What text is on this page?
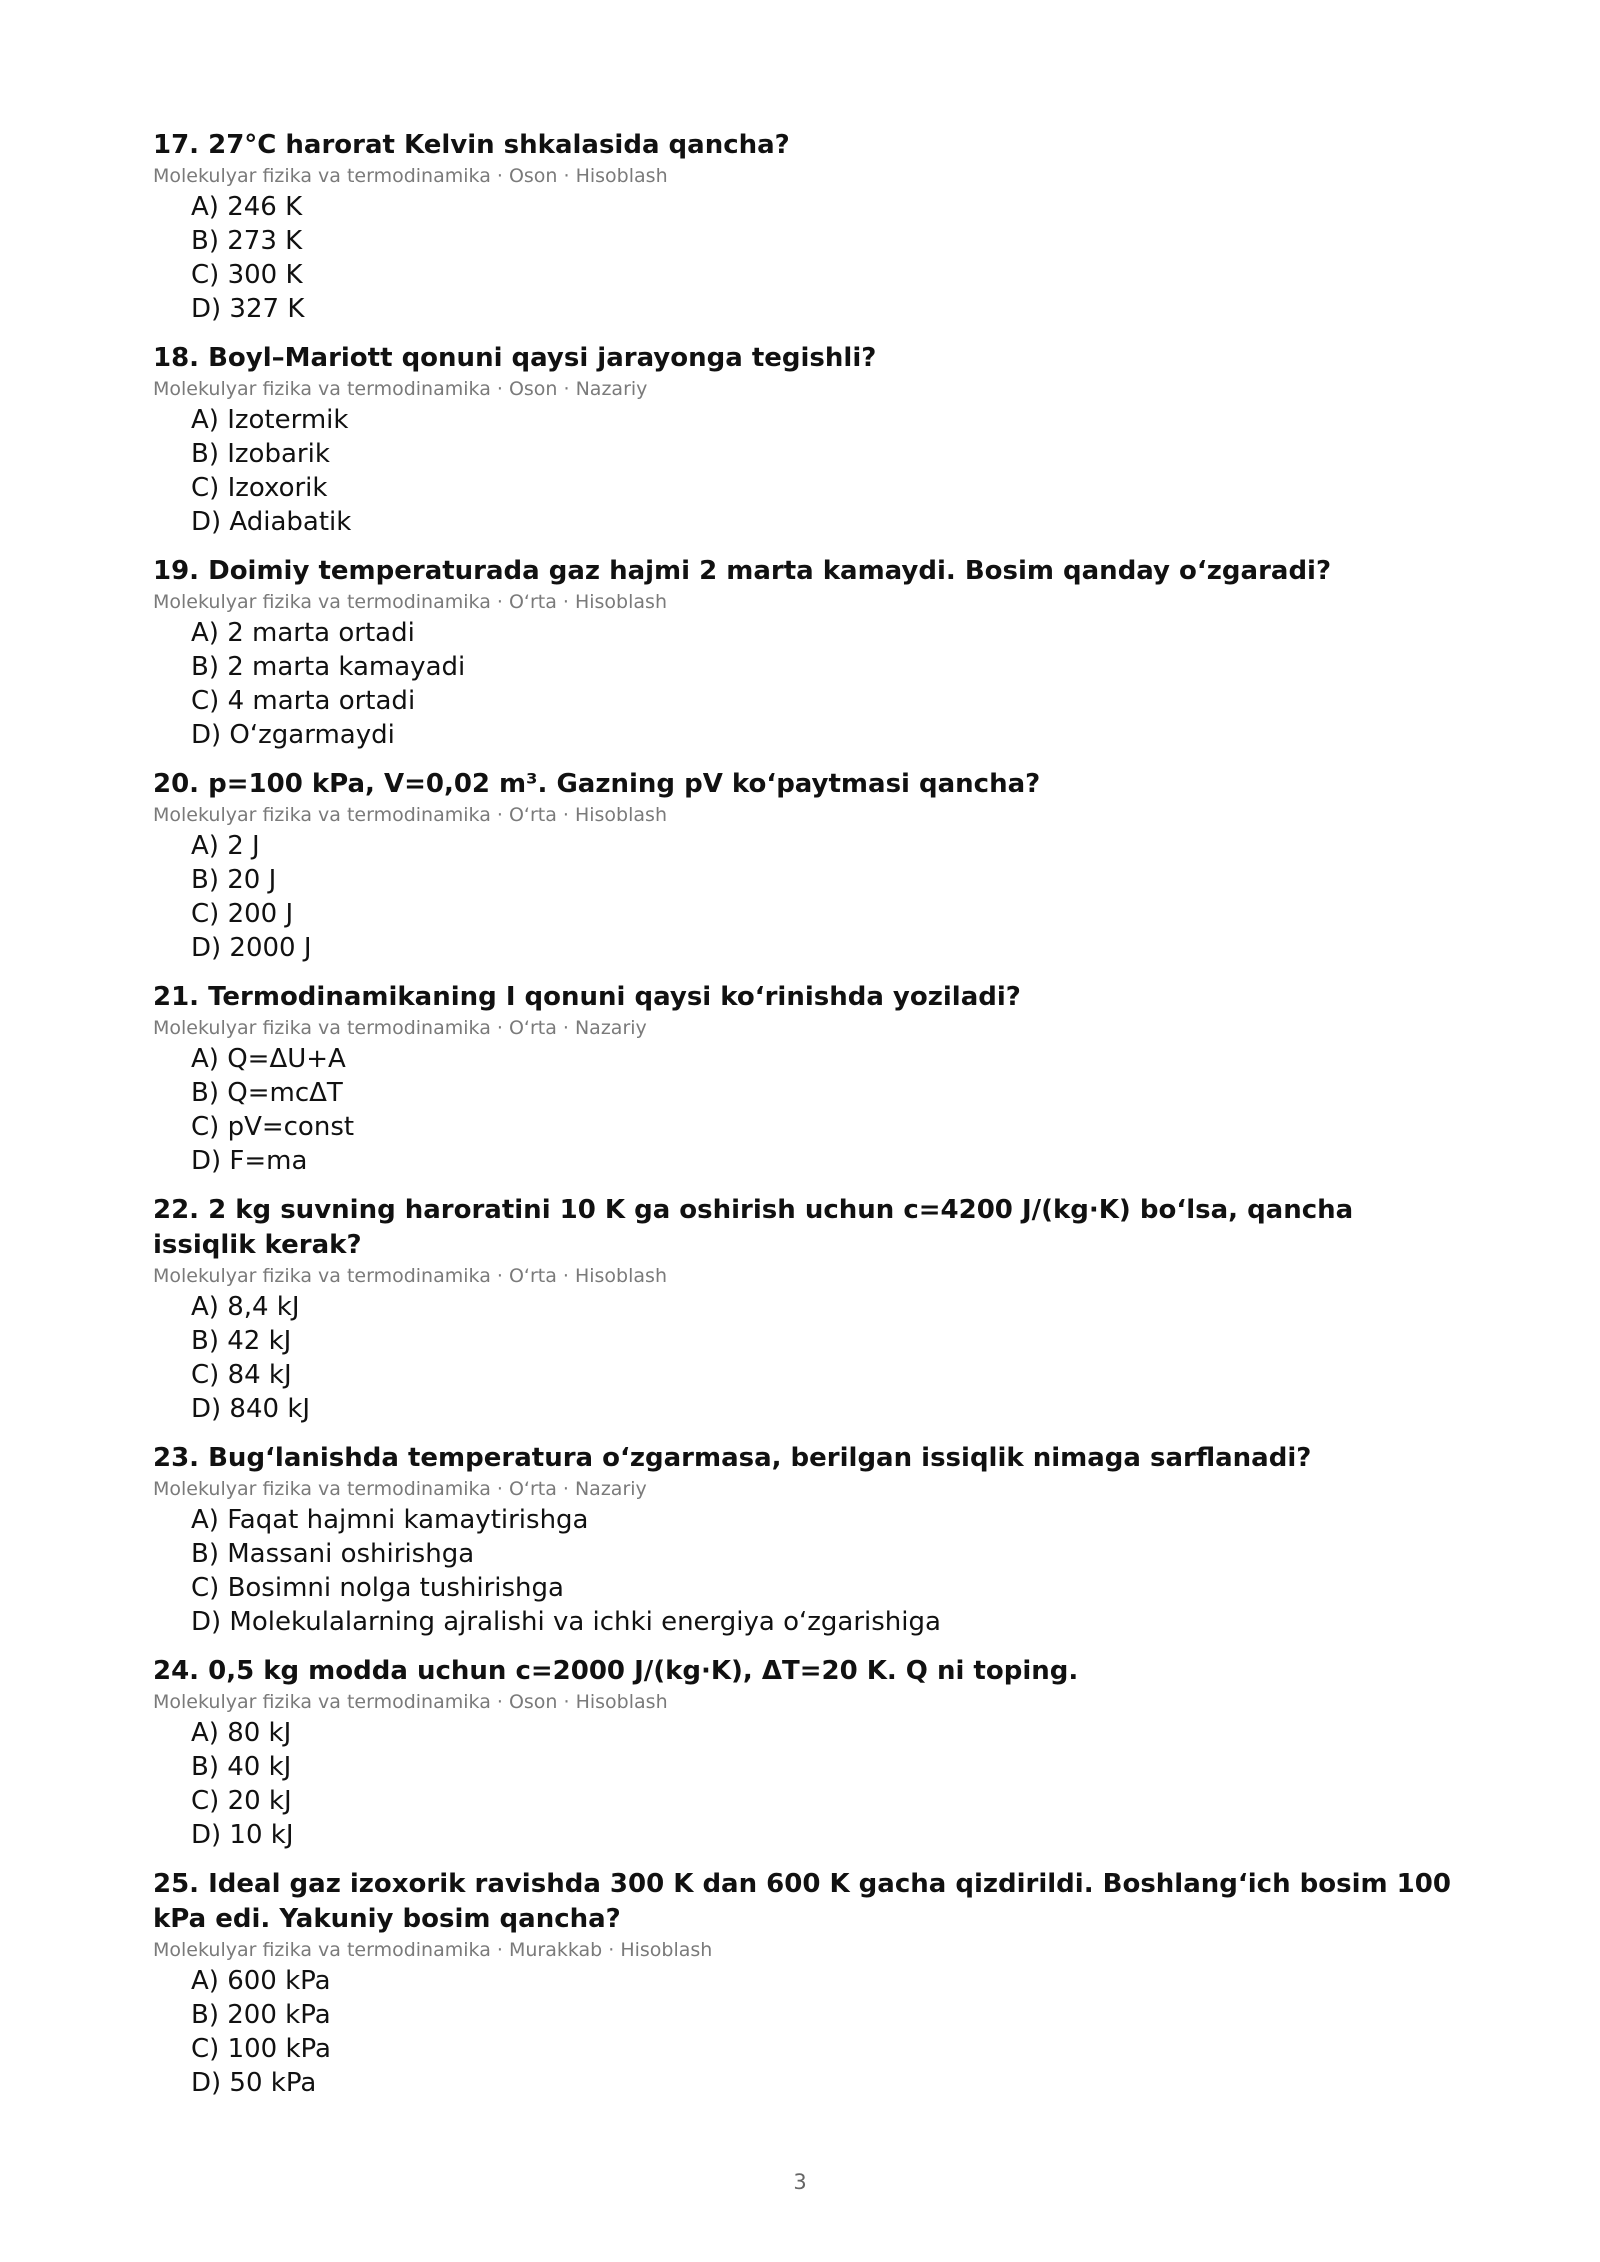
17. 27°C harorat Kelvin shkalasida qancha?

Molekulyar fizika va termodinamika · Oson · Hisoblash

A) 246 K
B) 273 K
C) 300 K
D) 327 K

18. Boyl–Mariott qonuni qaysi jarayonga tegishli?

Molekulyar fizika va termodinamika · Oson · Nazariy

A) Izotermik
B) Izobarik
C) Izoxorik
D) Adiabatik

19. Doimiy temperaturada gaz hajmi 2 marta kamaydi. Bosim qanday o‘zgaradi?

Molekulyar fizika va termodinamika · O‘rta · Hisoblash

A) 2 marta ortadi
B) 2 marta kamayadi
C) 4 marta ortadi
D) O‘zgarmaydi

20. p=100 kPa, V=0,02 m³. Gazning pV ko‘paytmasi qancha?

Molekulyar fizika va termodinamika · O‘rta · Hisoblash

A) 2 J
B) 20 J
C) 200 J
D) 2000 J

21. Termodinamikaning I qonuni qaysi ko‘rinishda yoziladi?

Molekulyar fizika va termodinamika · O‘rta · Nazariy

A) Q=ΔU+A
B) Q=mcΔT
C) pV=const
D) F=ma

22. 2 kg suvning haroratini 10 K ga oshirish uchun c=4200 J/(kg·K) bo‘lsa, qancha issiqlik kerak?

Molekulyar fizika va termodinamika · O‘rta · Hisoblash

A) 8,4 kJ
B) 42 kJ
C) 84 kJ
D) 840 kJ

23. Bug‘lanishda temperatura o‘zgarmasa, berilgan issiqlik nimaga sarflanadi?

Molekulyar fizika va termodinamika · O‘rta · Nazariy

A) Faqat hajmni kamaytirishga
B) Massani oshirishga
C) Bosimni nolga tushirishga
D) Molekulalarning ajralishi va ichki energiya o‘zgarishiga

24. 0,5 kg modda uchun c=2000 J/(kg·K), ΔT=20 K. Q ni toping.

Molekulyar fizika va termodinamika · Oson · Hisoblash

A) 80 kJ
B) 40 kJ
C) 20 kJ
D) 10 kJ

25. Ideal gaz izoxorik ravishda 300 K dan 600 K gacha qizdirildi. Boshlang‘ich bosim 100 kPa edi. Yakuniy bosim qancha?

Molekulyar fizika va termodinamika · Murakkab · Hisoblash

A) 600 kPa
B) 200 kPa
C) 100 kPa
D) 50 kPa
3
